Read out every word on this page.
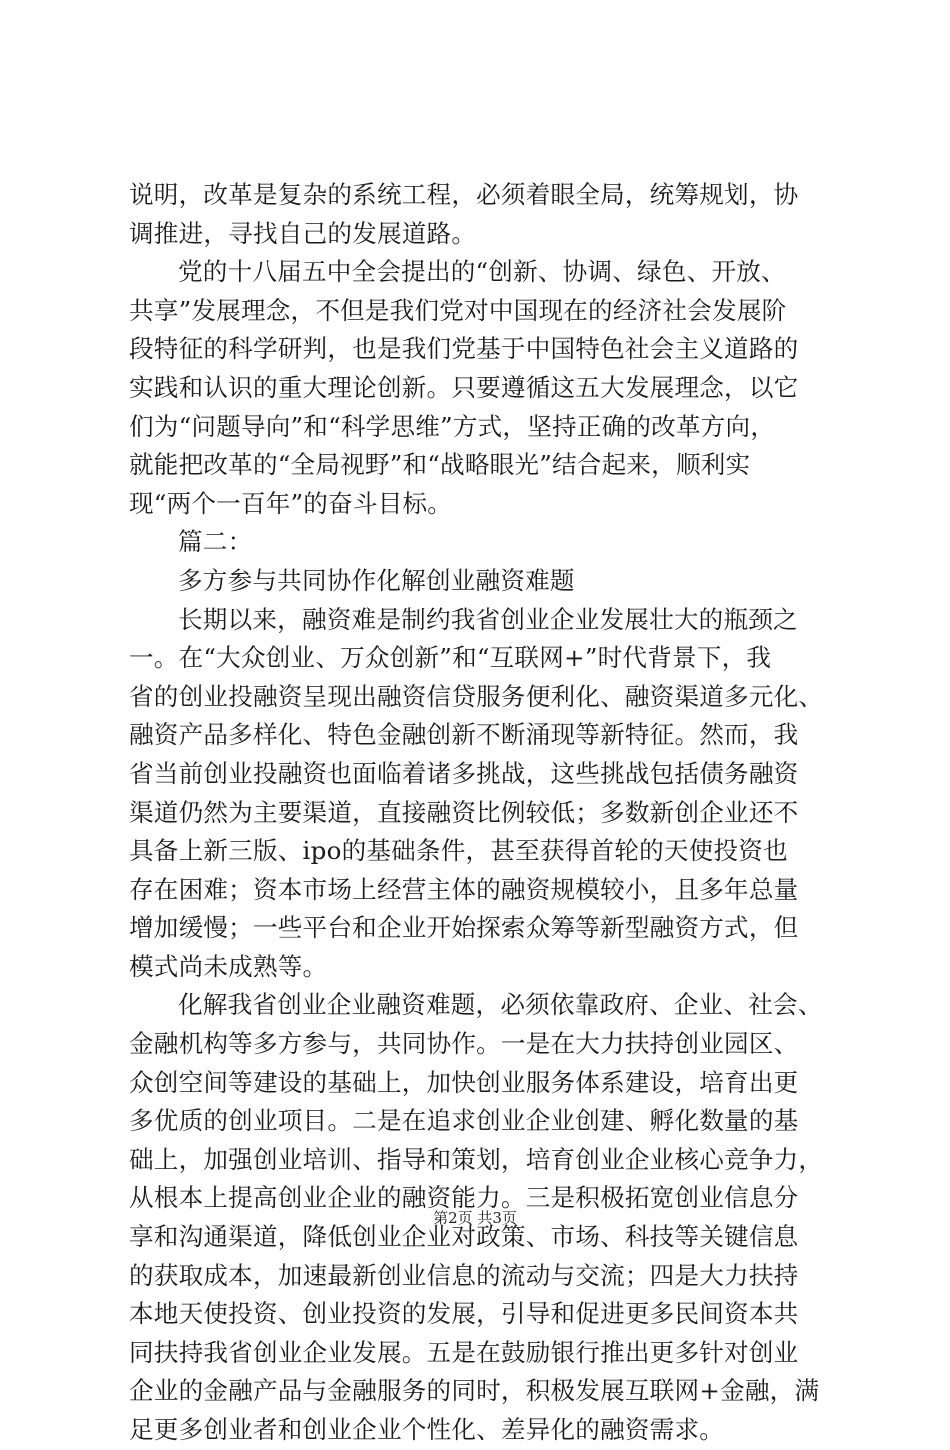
说明，改革是复杂的系统工程，必须着眼全局，统筹规划，协
调推进，寻找自己的发展道路。
党的十八届五中全会提出的“创新、协调、绿色、开放、
共享”发展理念，不但是我们党对中国现在的经济社会发展阶
段特征的科学研判，也是我们党基于中国特色社会主义道路的
实践和认识的重大理论创新。只要遵循这五大发展理念，以它
们为“问题导向”和“科学思维”方式，坚持正确的改革方向，
就能把改革的“全局视野”和“战略眼光”结合起来，顺利实
现“两个一百年”的奋斗目标。
篇二：
多方参与共同协作化解创业融资难题
长期以来，融资难是制约我省创业企业发展壮大的瓶颈之
一。在“大众创业、万众创新”和“互联网+”时代背景下，我
省的创业投融资呈现出融资信贷服务便利化、融资渠道多元化、
融资产品多样化、特色金融创新不断涌现等新特征。然而，我
省当前创业投融资也面临着诸多挑战，这些挑战包括债务融资
渠道仍然为主要渠道，直接融资比例较低；多数新创企业还不
具备上新三版、ipo的基础条件，甚至获得首轮的天使投资也
存在困难；资本市场上经营主体的融资规模较小，且多年总量
增加缓慢；一些平台和企业开始探索众筹等新型融资方式，但
模式尚未成熟等。
化解我省创业企业融资难题，必须依靠政府、企业、社会、
金融机构等多方参与，共同协作。一是在大力扶持创业园区、
众创空间等建设的基础上，加快创业服务体系建设，培育出更
多优质的创业项目。二是在追求创业企业创建、孵化数量的基
础上，加强创业培训、指导和策划，培育创业企业核心竞争力，
从根本上提高创业企业的融资能力。三是积极拓宽创业信息分
享和沟通渠道，降低创业企业对政策、市场、科技等关键信息
的获取成本，加速最新创业信息的流动与交流；四是大力扶持
本地天使投资、创业投资的发展，引导和促进更多民间资本共
同扶持我省创业企业发展。五是在鼓励银行推出更多针对创业
企业的金融产品与金融服务的同时，积极发展互联网+金融，满
足更多创业者和创业企业个性化、差异化的融资需求。
第2页 共3页
